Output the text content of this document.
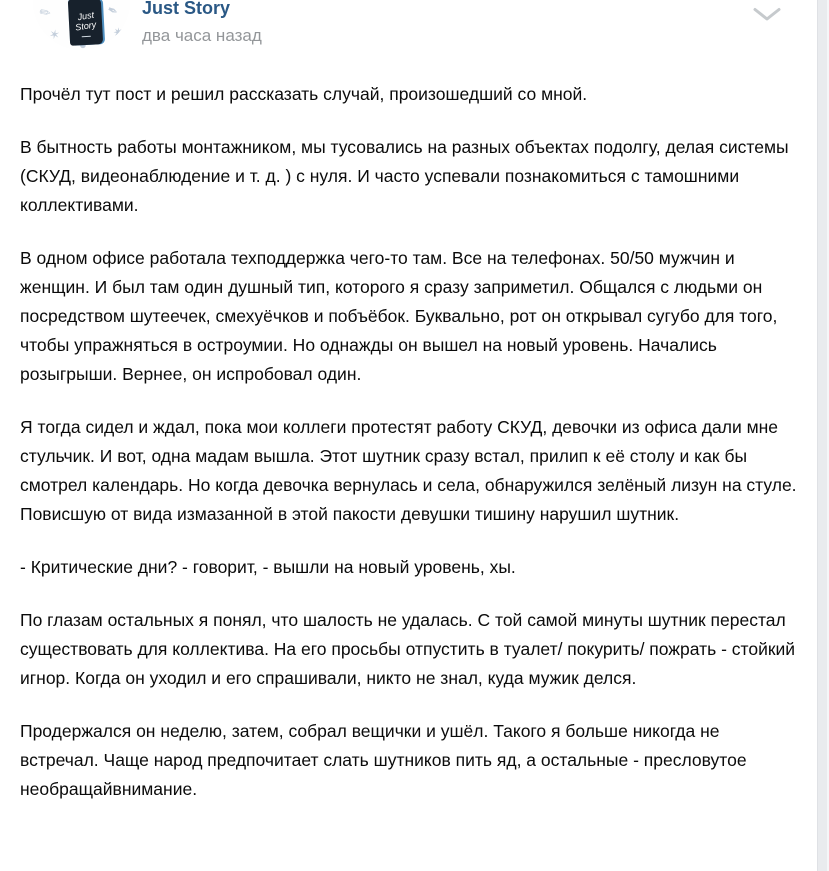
✎	✒
✶	✷
Just
Story
Just Story
два часа назад

Прочёл тут пост и решил рассказать случай, произошедший со мной.

В бытность работы монтажником, мы тусовались на разных объектах подолгу, делая системы (СКУД, видеонаблюдение и т. д. ) с нуля. И часто успевали познакомиться с тамошними коллективами.

В одном офисе работала техподдержка чего-то там. Все на телефонах. 50/50 мужчин и женщин. И был там один душный тип, которого я сразу заприметил. Общался с людьми он посредством шутеечек, смехуёчков и побъёбок. Буквально, рот он открывал сугубо для того, чтобы упражняться в остроумии. Но однажды он вышел на новый уровень. Начались розыгрыши. Вернее, он испробовал один.

Я тогда сидел и ждал, пока мои коллеги протестят работу СКУД, девочки из офиса дали мне стульчик. И вот, одна мадам вышла. Этот шутник сразу встал, прилип к её столу и как бы смотрел календарь. Но когда девочка вернулась и села, обнаружился зелёный лизун на стуле. Повисшую от вида измазанной в этой пакости девушки тишину нарушил шутник.

- Критические дни? - говорит, - вышли на новый уровень, хы.

По глазам остальных я понял, что шалость не удалась. С той самой минуты шутник перестал существовать для коллектива. На его просьбы отпустить в туалет/ покурить/ пожрать - стойкий игнор. Когда он уходил и его спрашивали, никто не знал, куда мужик делся.

Продержался он неделю, затем, собрал вещички и ушёл. Такого я больше никогда не встречал. Чаще народ предпочитает слать шутников пить яд, а остальные - пресловутое необращайвнимание.
